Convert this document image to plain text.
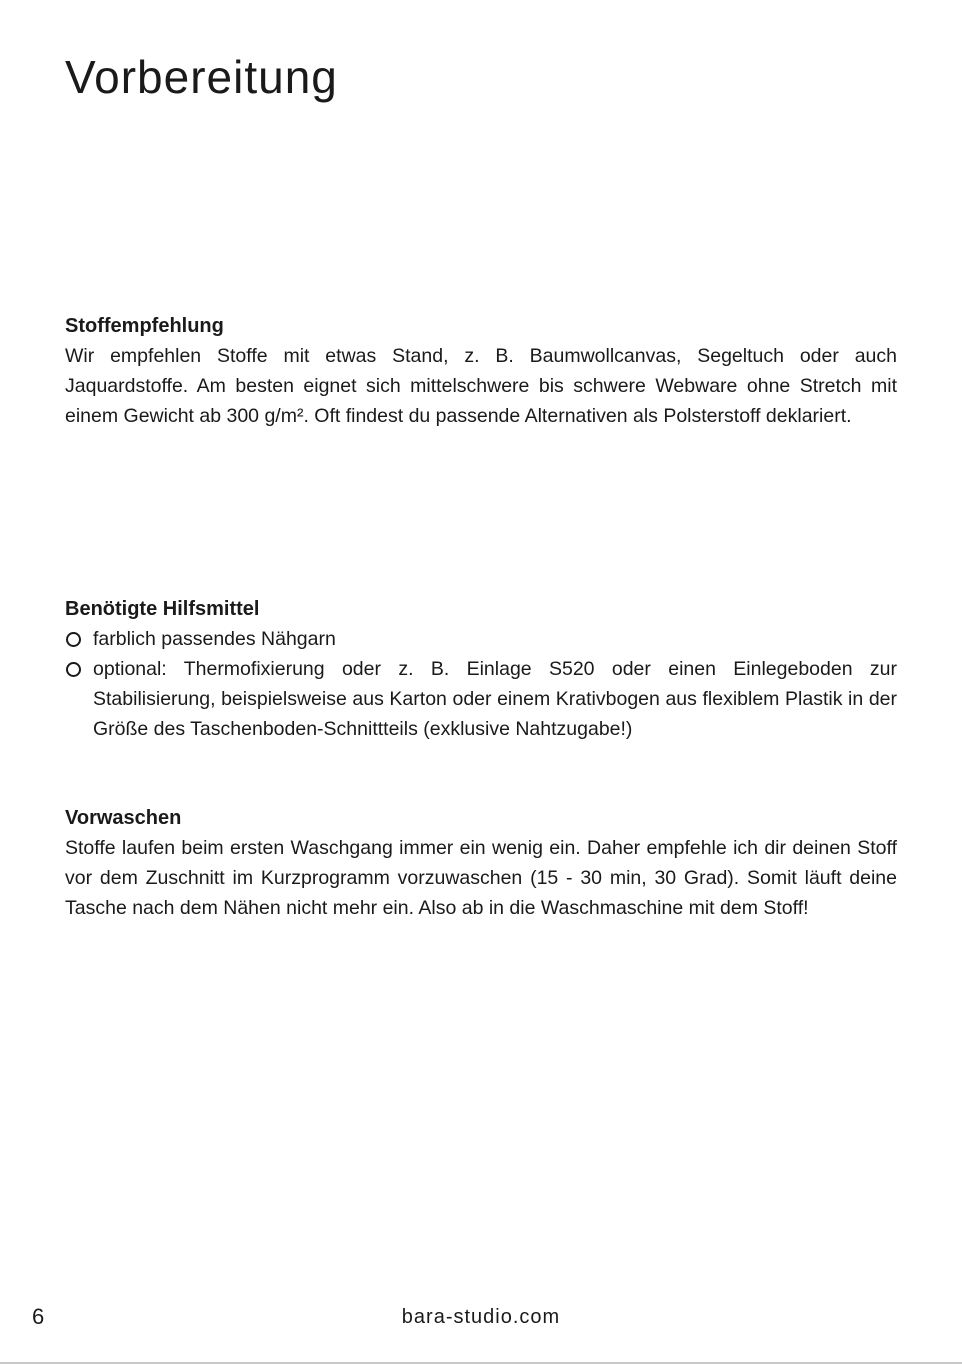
Vorbereitung
Stoffempfehlung

Wir empfehlen Stoffe mit etwas Stand, z. B. Baumwollcanvas, Segeltuch oder auch Jaquardstoffe. Am besten eignet sich mittelschwere bis schwere Webware ohne Stretch mit einem Gewicht ab 300 g/m². Oft findest du passende Alternativen als Polsterstoff deklariert.

Benötigte Hilfsmittel
farblich passendes Nähgarn
optional: Thermofixierung oder z. B. Einlage S520 oder einen Einlegeboden zur Stabilisierung, beispielsweise aus Karton oder einem Krativbogen aus flexiblem Plastik in der Größe des Taschenboden-Schnittteils (exklusive Nahtzugabe!)
Vorwaschen

Stoffe laufen beim ersten Waschgang immer ein wenig ein. Daher empfehle ich dir deinen Stoff vor dem Zuschnitt im Kurzprogramm vorzuwaschen (15 - 30 min, 30 Grad). Somit läuft deine Tasche nach dem Nähen nicht mehr ein. Also ab in die Waschmaschine mit dem Stoff!

6	bara-studio.com
